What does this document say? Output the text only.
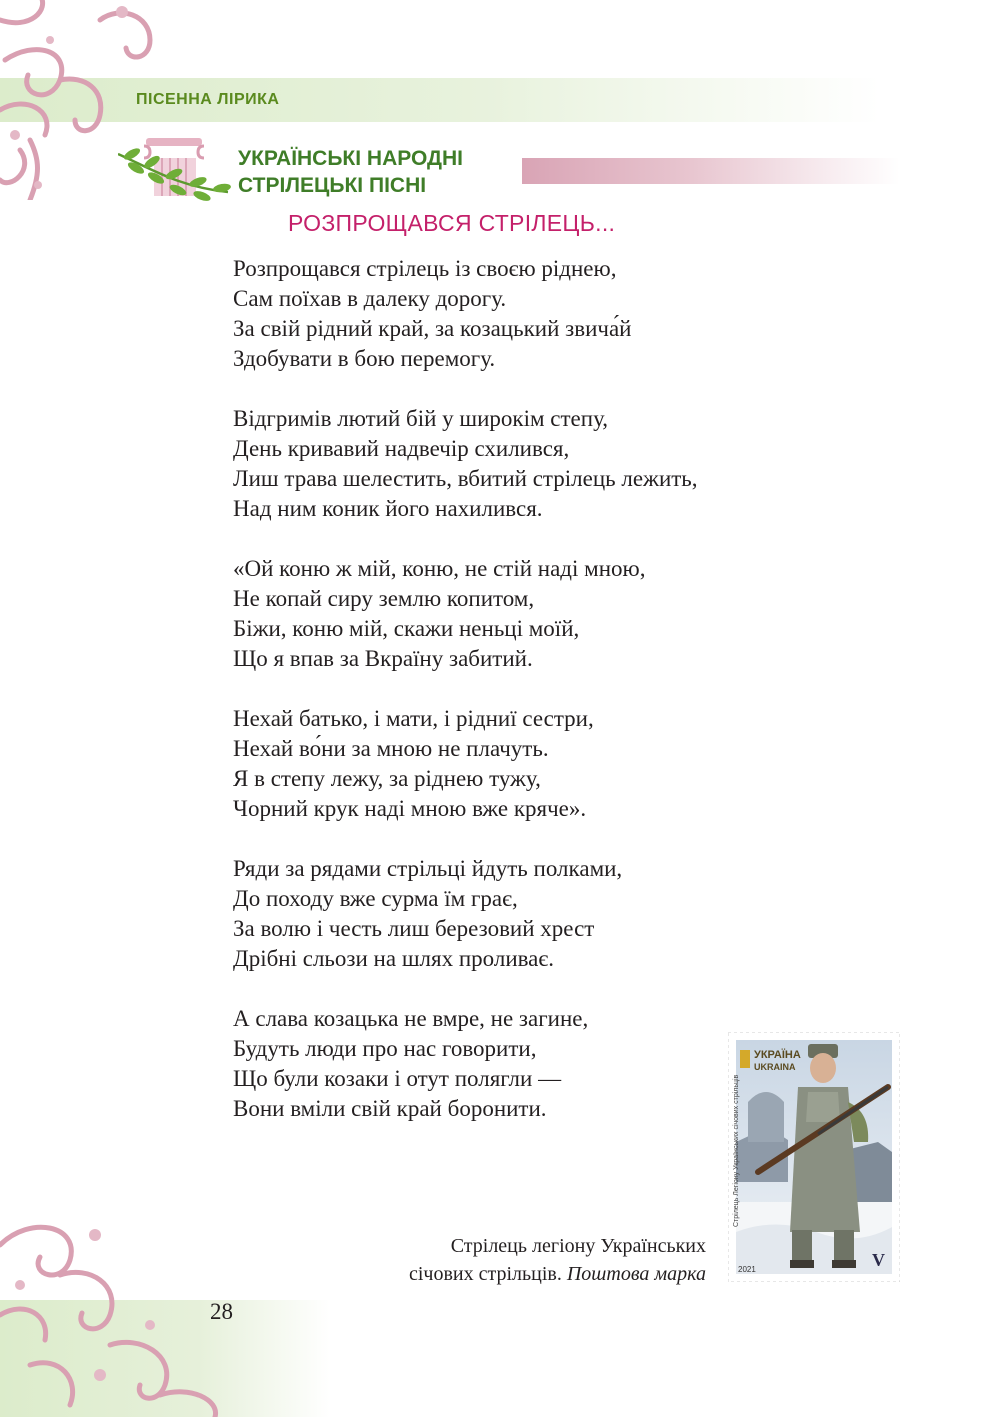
ПІСЕННА ЛІРИКА
УКРАЇНСЬКІ НАРОДНІ
СТРІЛЕЦЬКІ ПІСНІ
РОЗПРОЩАВСЯ СТРІЛЕЦЬ...
Розпрощався стрілець із своєю ріднею,
Сам поїхав в далеку дорогу.
За свій рідний край, за козацький звича́й
Здобувати в бою перемогу.
Відгримів лютий бій у широкім степу,
День кривавий надвечір схилився,
Лиш трава шелестить, вбитий стрілець лежить,
Над ним коник його нахилився.
«Ой коню ж мій, коню, не стій наді мною,
Не копай сиру землю копитом,
Біжи, коню мій, скажи неньці моїй,
Що я впав за Вкраїну забитий.
Нехай батько, і мати, і рідниї сестри,
Нехай во́ни за мною не плачуть.
Я в степу лежу, за ріднею тужу,
Чорний крук наді мною вже кряче».
Ряди за рядами стрільці йдуть полками,
До походу вже сурма їм грає,
За волю і честь лиш березовий хрест
Дрібні сльози на шлях проливає.
А слава козацька не вмре, не загине,
Будуть люди про нас говорити,
Що були козаки і отут полягли —
Вони вміли свій край боронити.
УКРАЇНА
UKRAINA
Стрілець Легіону Українських січових стрільців
2021	V
Стрілець легіону Українських
січових стрільців. Поштова марка
28
